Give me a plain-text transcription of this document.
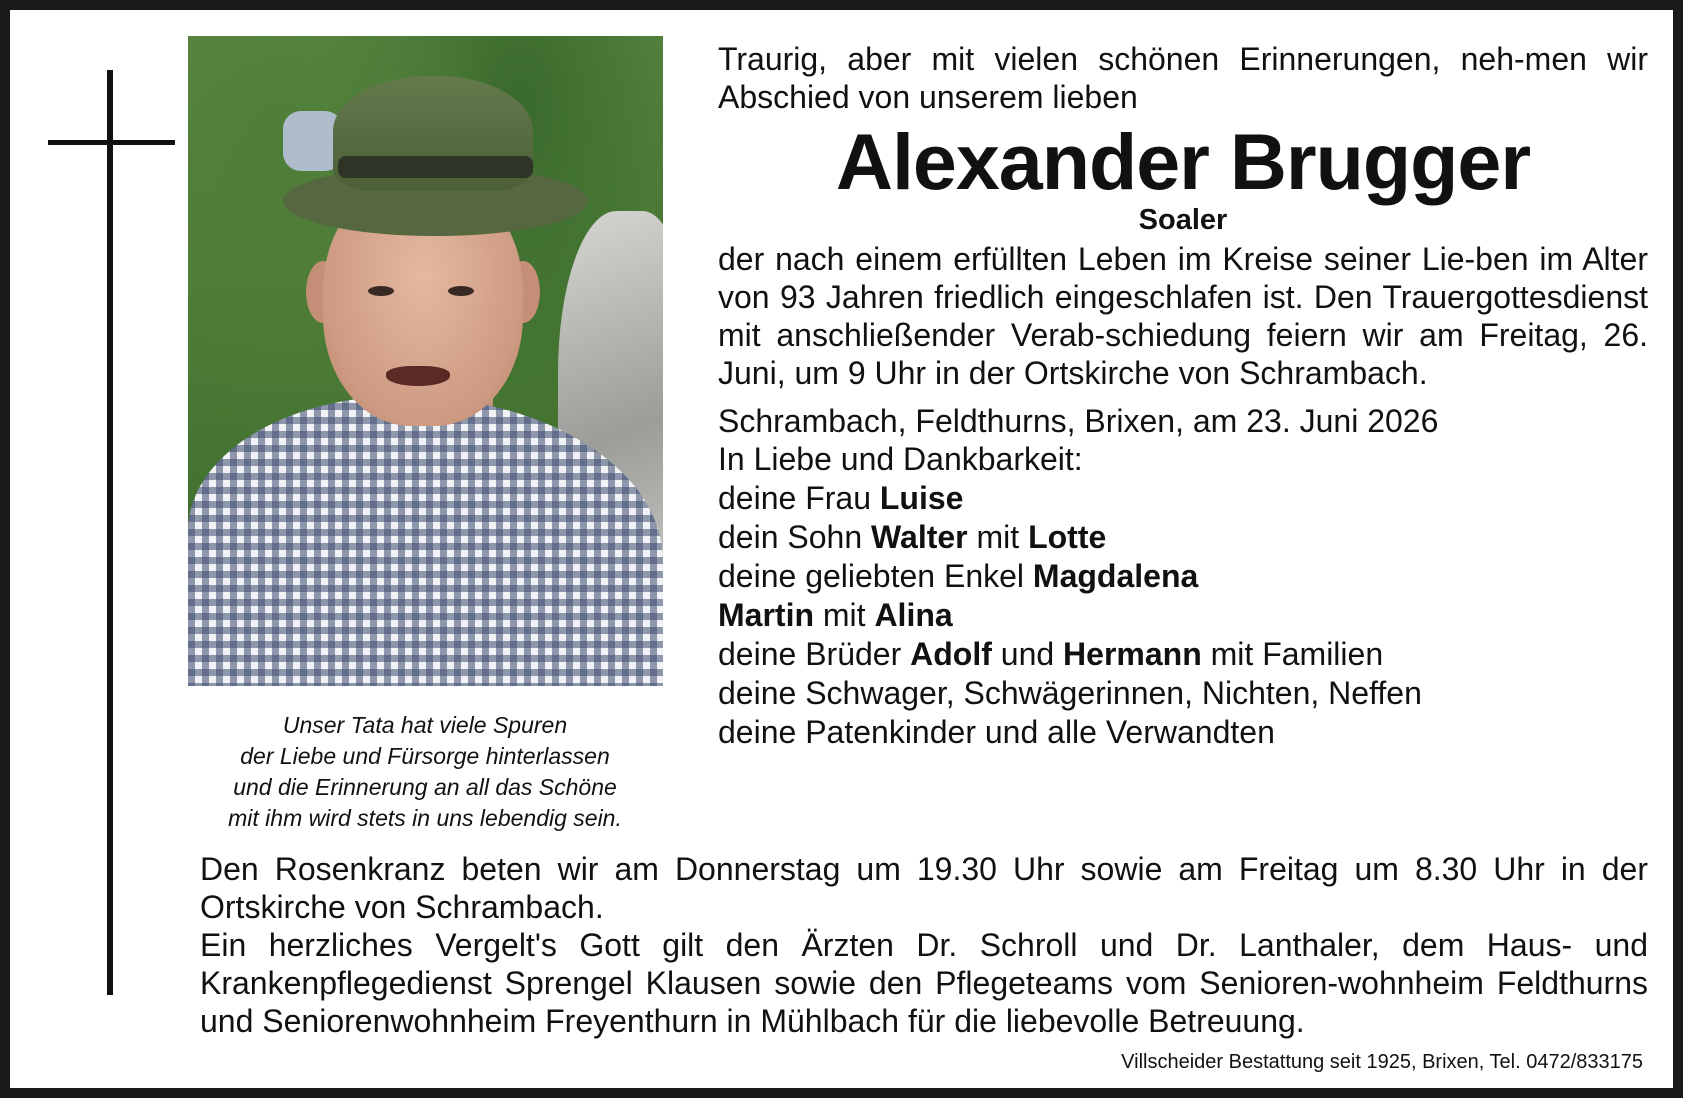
Unser Tata hat viele Spuren
der Liebe und Fürsorge hinterlassen
und die Erinnerung an all das Schöne
mit ihm wird stets in uns lebendig sein.
Traurig, aber mit vielen schönen Erinnerungen, neh-men wir Abschied von unserem lieben
Alexander Brugger
Soaler
der nach einem erfüllten Leben im Kreise seiner Lie-ben im Alter von 93 Jahren friedlich eingeschlafen ist. Den Trauergottesdienst mit anschließender Verab-schiedung feiern wir am Freitag, 26. Juni, um 9 Uhr in der Ortskirche von Schrambach.
Schrambach, Feldthurns, Brixen, am 23. Juni 2026
In Liebe und Dankbarkeit:
deine Frau Luise
dein Sohn Walter mit Lotte
deine geliebten Enkel Magdalena
Martin mit Alina
deine Brüder Adolf und Hermann mit Familien
deine Schwager, Schwägerinnen, Nichten, Neffen
deine Patenkinder und alle Verwandten
Den Rosenkranz beten wir am Donnerstag um 19.30 Uhr sowie am Freitag um 8.30 Uhr in der Ortskirche von Schrambach.
Ein herzliches Vergelt's Gott gilt den Ärzten Dr. Schroll und Dr. Lanthaler, dem Haus- und Krankenpflegedienst Sprengel Klausen sowie den Pflegeteams vom Senioren-wohnheim Feldthurns und Seniorenwohnheim Freyenthurn in Mühlbach für die liebevolle Betreuung.
Villscheider Bestattung seit 1925, Brixen, Tel. 0472/833175
